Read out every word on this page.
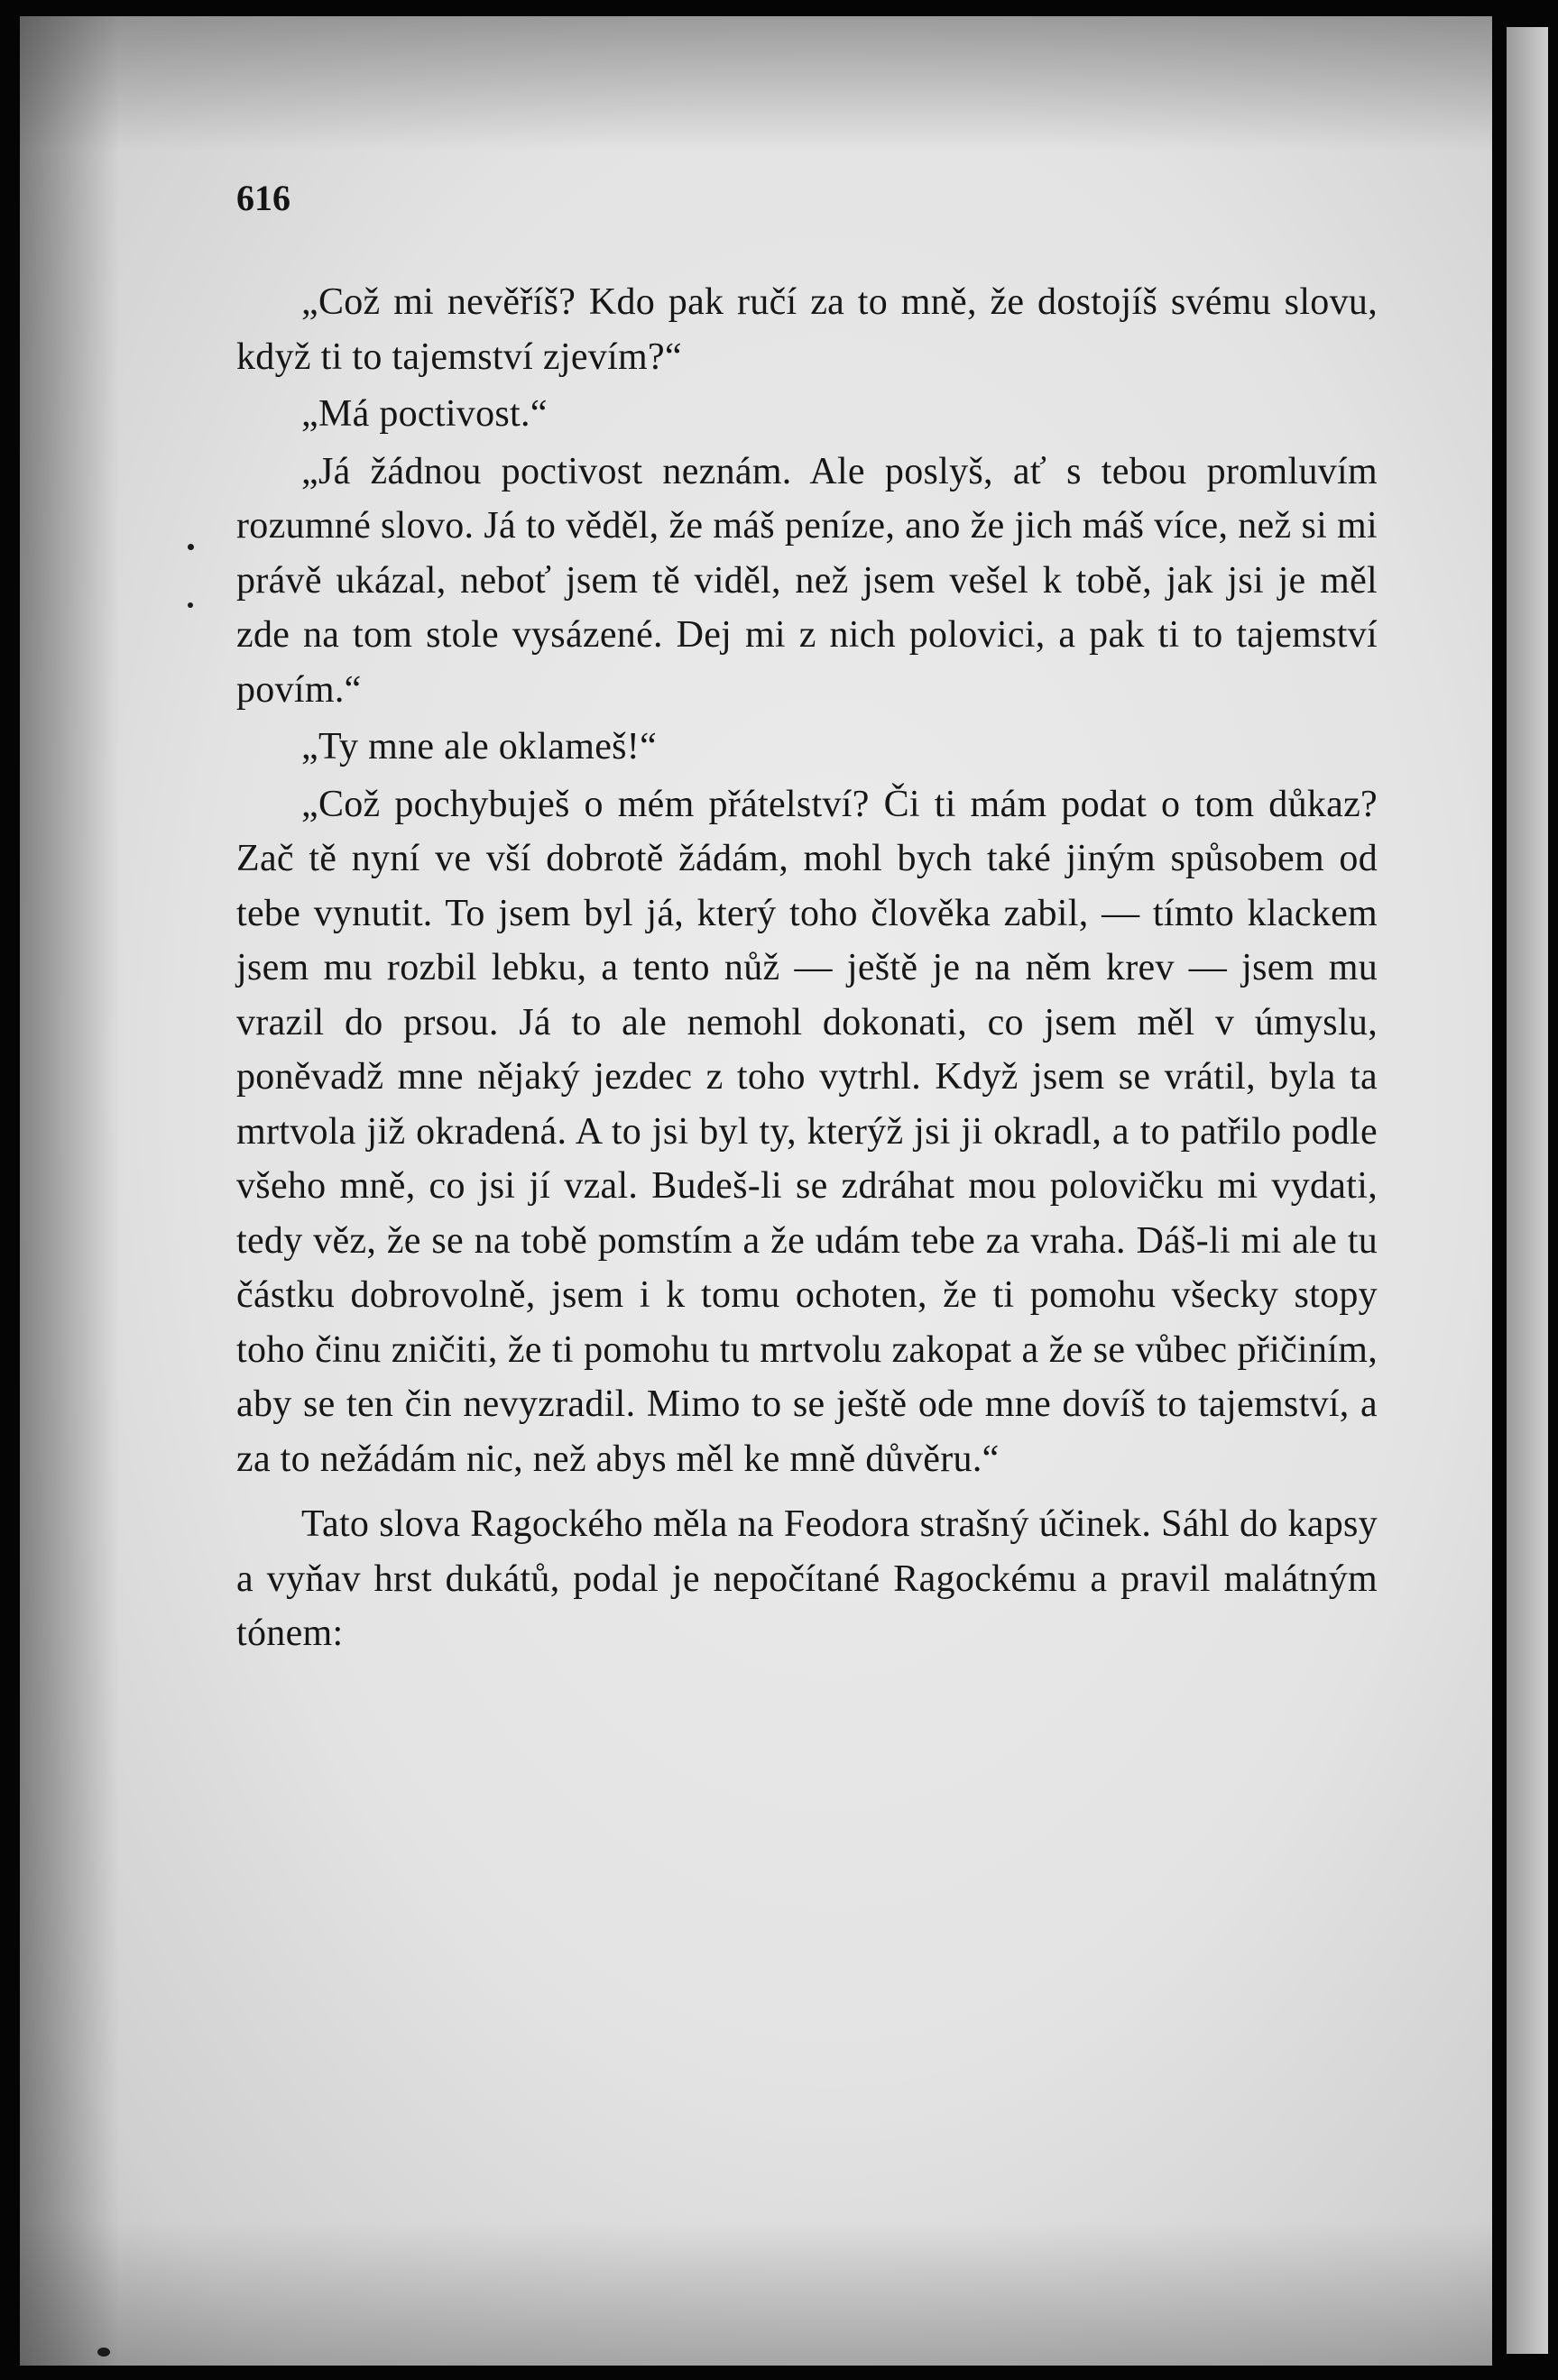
616

„Což mi nevěříš? Kdo pak ručí za to mně, že dostojíš svému slovu, když ti to tajemství zjevím?“

„Má poctivost.“

„Já žádnou poctivost neznám. Ale poslyš, ať s tebou promluvím rozumné slovo. Já to věděl, že máš peníze, ano že jich máš více, než si mi právě ukázal, neboť jsem tě viděl, než jsem vešel k tobě, jak jsi je měl zde na tom stole vysázené. Dej mi z nich polovici, a pak ti to tajemství povím.“

„Ty mne ale oklameš!“

„Což pochybuješ o mém přátelství? Či ti mám podat o tom důkaz? Zač tě nyní ve vší dobrotě žádám, mohl bych také jiným spůsobem od tebe vynutit. To jsem byl já, který toho člověka zabil, — tímto klackem jsem mu rozbil lebku, a tento nůž — ještě je na něm krev — jsem mu vrazil do prsou. Já to ale nemohl dokonati, co jsem měl v úmyslu, poněvadž mne nějaký jezdec z toho vytrhl. Když jsem se vrátil, byla ta mrtvola již okradená. A to jsi byl ty, kterýž jsi ji okradl, a to patřilo podle všeho mně, co jsi jí vzal. Budeš-li se zdráhat mou polovičku mi vydati, tedy věz, že se na tobě pomstím a že udám tebe za vraha. Dáš-li mi ale tu částku dobrovolně, jsem i k tomu ochoten, že ti pomohu všecky stopy toho činu zničiti, že ti pomohu tu mrtvolu zakopat a že se vůbec přičiním, aby se ten čin nevyzradil. Mimo to se ještě ode mne dovíš to tajemství, a za to nežádám nic, než abys měl ke mně důvěru.“

Tato slova Ragockého měla na Feodora strašný účinek. Sáhl do kapsy a vyňav hrst dukátů, podal je nepočítané Ragockému a pravil malátným tónem:
